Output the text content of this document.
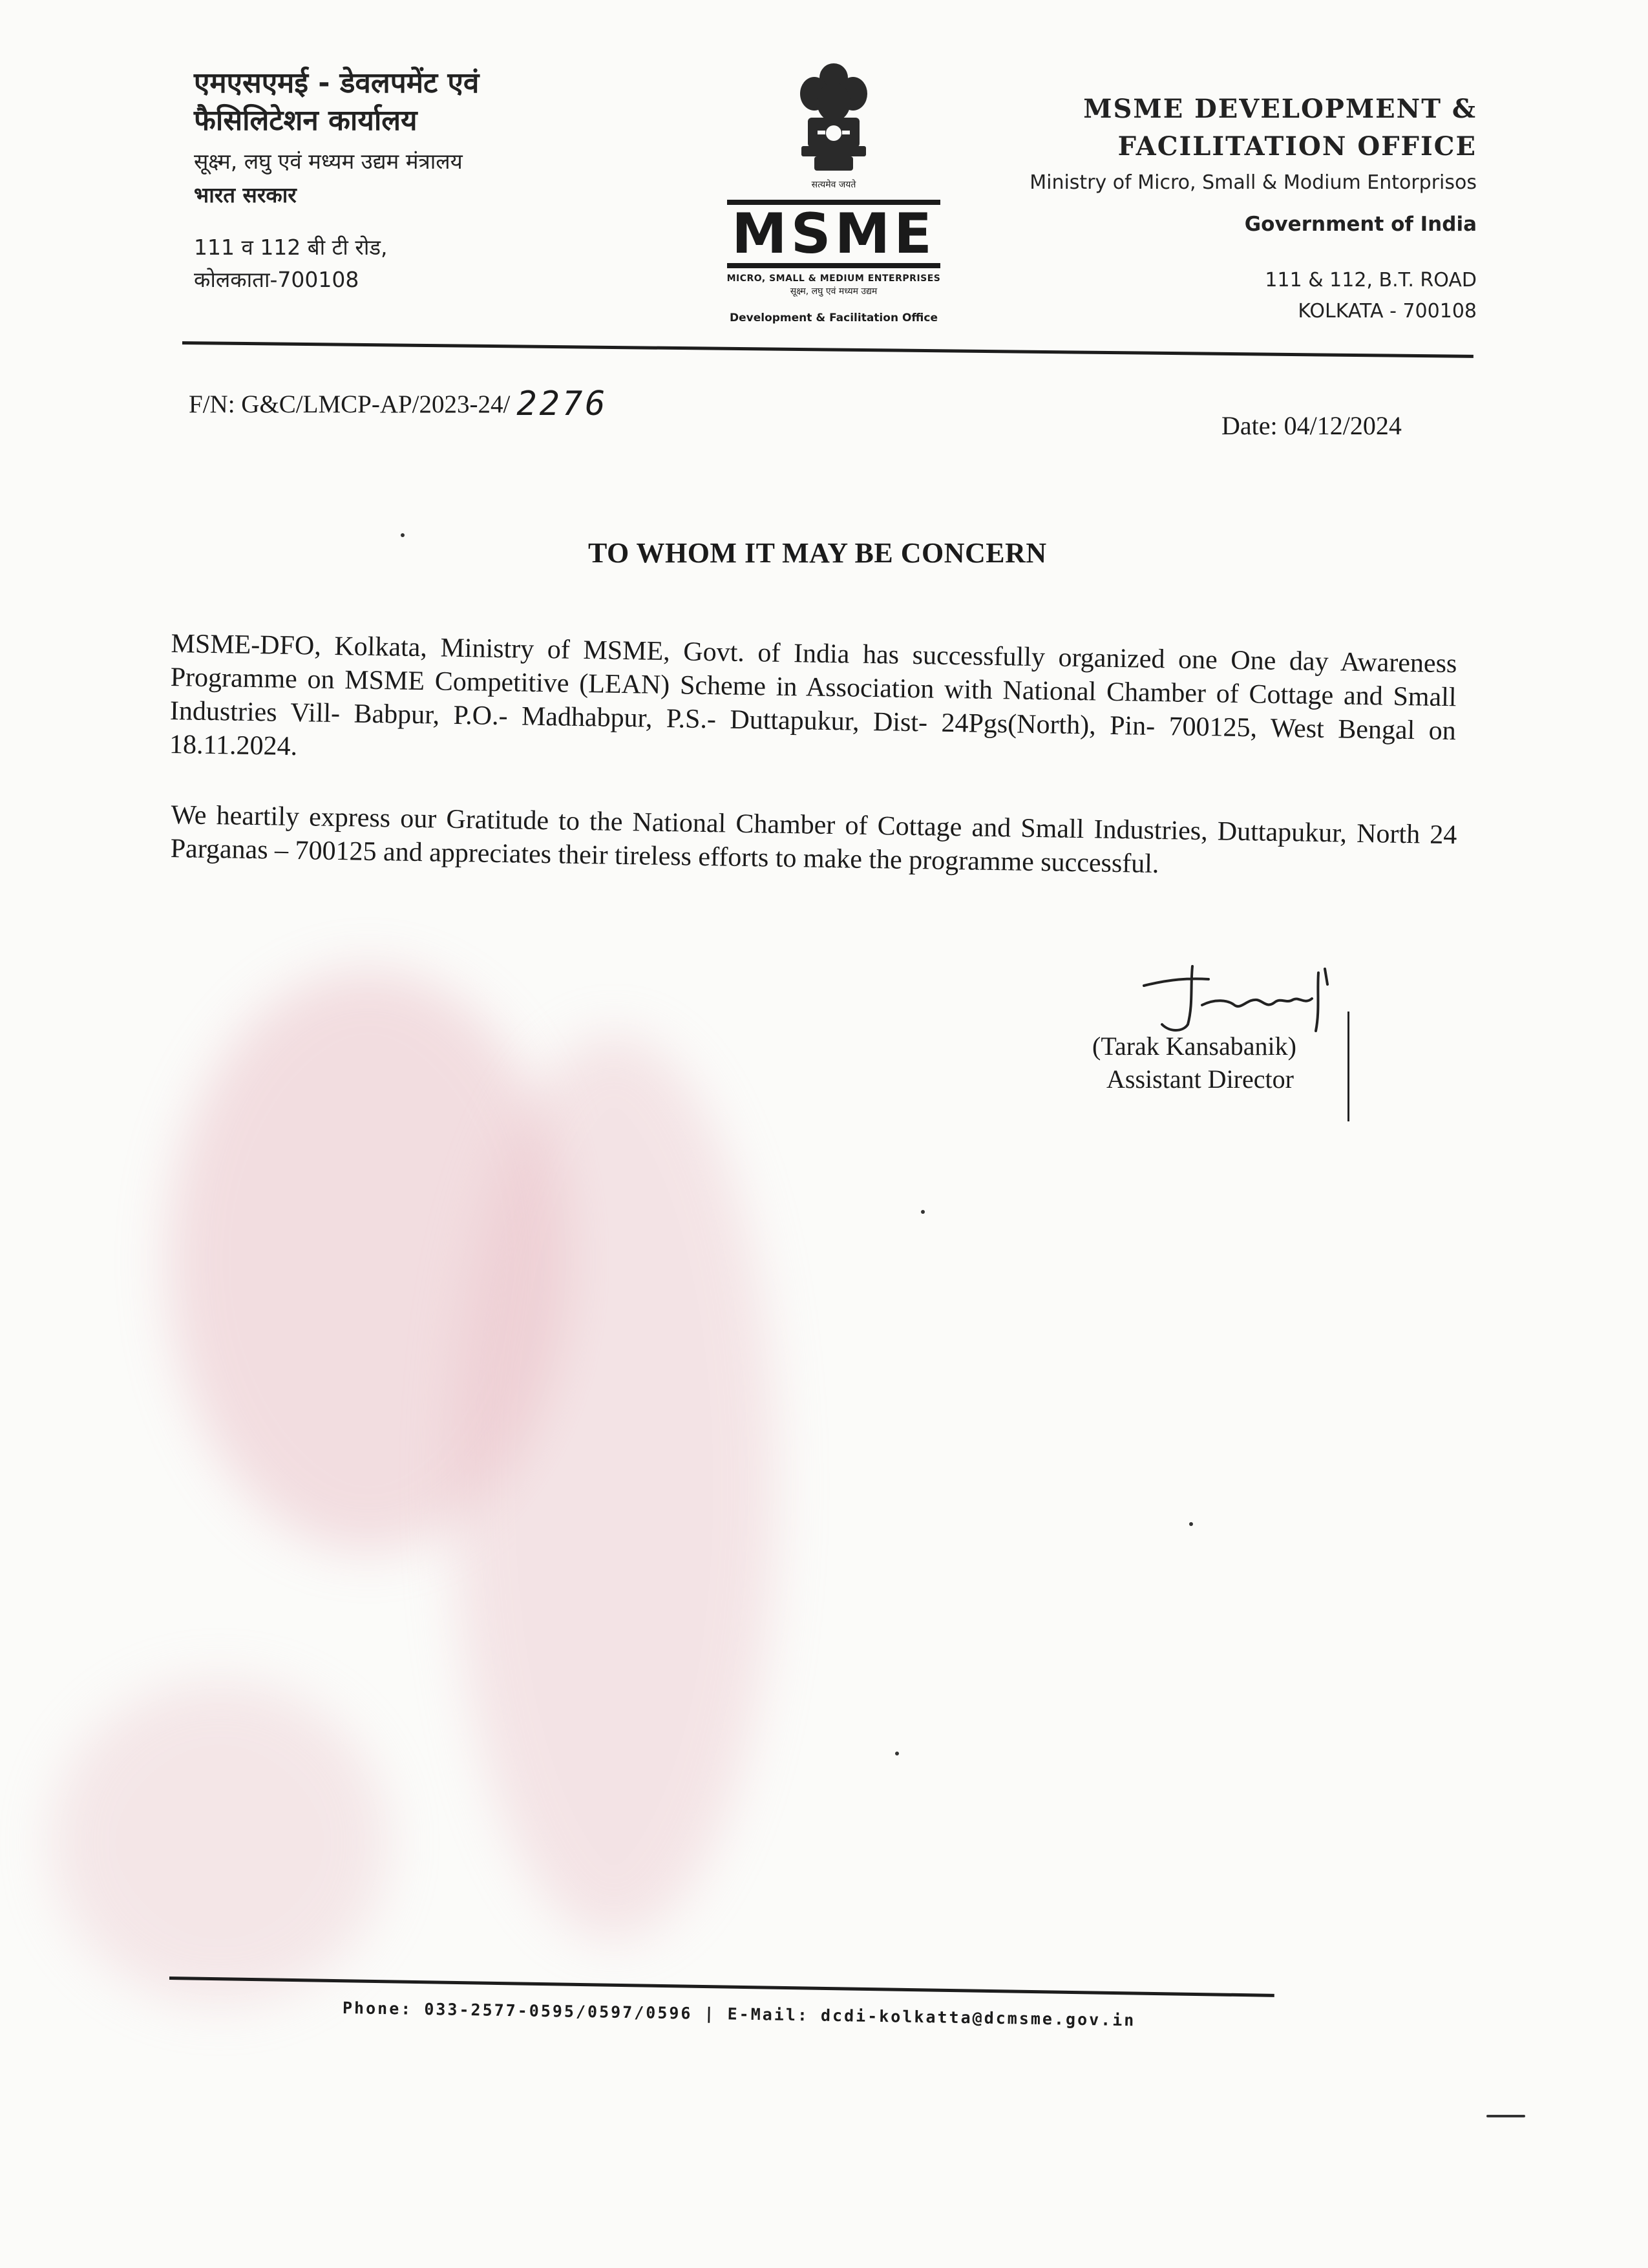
एमएसएमई - डेवलपमेंट एवं
फैसिलिटेशन कार्यालय
सूक्ष्म, लघु एवं मध्यम उद्यम मंत्रालय
भारत सरकार
111 व 112 बी टी रोड,
कोलकाता-700108
सत्यमेव जयते
MSME
MICRO, SMALL & MEDIUM ENTERPRISES
सूक्ष्म, लघु एवं मध्यम उद्यम
Development & Facilitation Office
MSME DEVELOPMENT &
FACILITATION OFFICE
Ministry of Micro, Small & Modium Entorprisos
Government of India
111 & 112, B.T. ROAD
KOLKATA - 700108
F/N: G&C/LMCP-AP/2023-24/ 2276
Date: 04/12/2024
TO WHOM IT MAY BE CONCERN
MSME-DFO, Kolkata, Ministry of MSME, Govt. of India has successfully organized one One day Awareness Programme on MSME Competitive (LEAN) Scheme in Association with National Chamber of Cottage and Small Industries Vill- Babpur, P.O.- Madhabpur, P.S.- Duttapukur, Dist- 24Pgs(North), Pin- 700125, West Bengal on 18.11.2024.
We heartily express our Gratitude to the National Chamber of Cottage and Small Industries, Duttapukur, North 24 Parganas – 700125 and appreciates their tireless efforts to make the programme successful.
(Tarak Kansabanik)
Assistant Director
Phone: 033-2577-0595/0597/0596 | E-Mail: dcdi-kolkatta@dcmsme.gov.in
